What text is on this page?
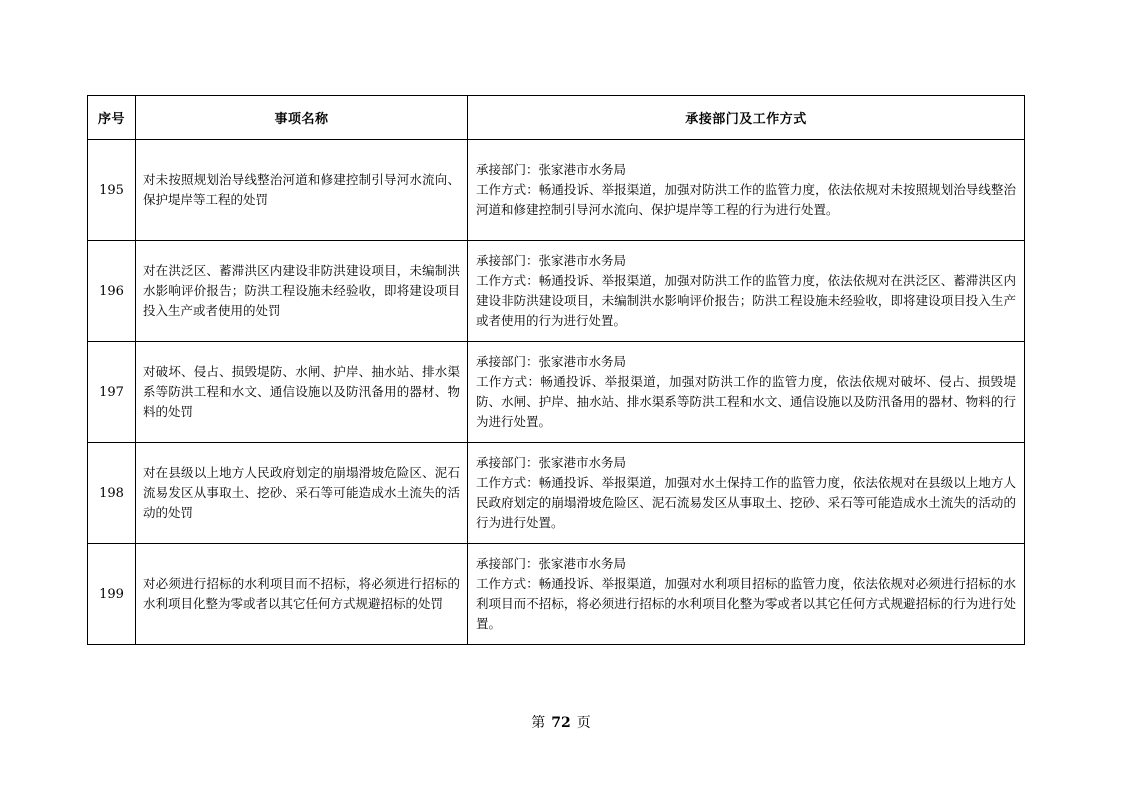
序号	事项名称	承接部门及工作方式
195	对未按照规划治导线整治河道和修建控制引导河水流向、保护堤岸等工程的处罚	承接部门：张家港市水务局
工作方式：畅通投诉、举报渠道，加强对防洪工作的监管力度，依法依规对未按照规划治导线整治河道和修建控制引导河水流向、保护堤岸等工程的行为进行处置。

196	对在洪泛区、蓄滞洪区内建设非防洪建设项目，未编制洪水影响评价报告；防洪工程设施未经验收，即将建设项目投入生产或者使用的处罚	承接部门：张家港市水务局
工作方式：畅通投诉、举报渠道，加强对防洪工作的监管力度，依法依规对在洪泛区、蓄滞洪区内建设非防洪建设项目，未编制洪水影响评价报告；防洪工程设施未经验收，即将建设项目投入生产或者使用的行为进行处置。

197	对破坏、侵占、损毁堤防、水闸、护岸、抽水站、排水渠系等防洪工程和水文、通信设施以及防汛备用的器材、物料的处罚	承接部门：张家港市水务局
工作方式：畅通投诉、举报渠道，加强对防洪工作的监管力度，依法依规对破坏、侵占、损毁堤防、水闸、护岸、抽水站、排水渠系等防洪工程和水文、通信设施以及防汛备用的器材、物料的行为进行处置。

198	对在县级以上地方人民政府划定的崩塌滑坡危险区、泥石流易发区从事取土、挖砂、采石等可能造成水土流失的活动的处罚	承接部门：张家港市水务局
工作方式：畅通投诉、举报渠道，加强对水土保持工作的监管力度，依法依规对在县级以上地方人民政府划定的崩塌滑坡危险区、泥石流易发区从事取土、挖砂、采石等可能造成水土流失的活动的行为进行处置。

199	对必须进行招标的水利项目而不招标，将必须进行招标的水利项目化整为零或者以其它任何方式规避招标的处罚	承接部门：张家港市水务局
工作方式：畅通投诉、举报渠道，加强对水利项目招标的监管力度，依法依规对必须进行招标的水利项目而不招标，将必须进行招标的水利项目化整为零或者以其它任何方式规避招标的行为进行处置。
第 72 页
